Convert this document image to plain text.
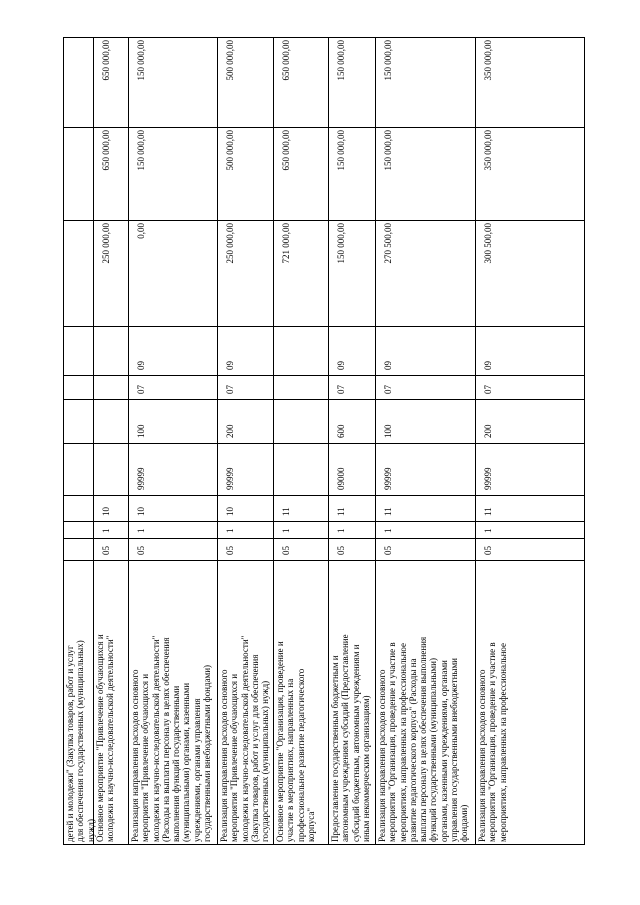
детей и молодежи" (Закупка товаров, работ и услуг
для обеспечения государственных (муниципальных)
нужд) Основное мероприятие "Привлечение обучающихся и
молодежи к научно-исследовательской деятельности"
05
1
10
250 000,00
650 000,00
650 000,00
Реализация направления расходов основного
мероприятия "Привлечение обучающихся и
молодежи к научно-исследовательской деятельности"
(Расходы на выплаты персоналу в целях обеспечения
выполнения функций государственными
(муниципальными) органами, казенными
учреждениями, органами управления
государственными внебюджетными фондами)
05
1
10
99999
100
07
09
0,00
150 000,00
150 000,00
Реализация направления расходов основного
мероприятия "Привлечение обучающихся и
молодежи к научно-исследовательской деятельности"
(Закупка товаров, работ и услуг для обеспечения
государственных (муниципальных) нужд)
05
1
10
99999
200
07
09
250 000,00
500 000,00
500 000,00
Основное мероприятие "Организация, проведение и
участие в мероприятиях, направленных на
профессиональное развитие педагогического
корпуса"
05
1
11
721 000,00
650 000,00
650 000,00
Предоставление государственным бюджетным и
автономным учреждениям субсидий (Предоставление
субсидий бюджетным, автономным учреждениям и
иным некоммерческим организациям)
05
1
11
09000
600
07
09
150 000,00
150 000,00
150 000,00
Реализация направления расходов основного
мероприятия "Организация, проведение и участие в
мероприятиях, направленных на профессиональное
развитие педагогического корпуса" (Расходы на
выплаты персоналу в целях обеспечения выполнения
функций государственными (муниципальными)
органами, казенными учреждениями, органами
управления государственными внебюджетными
фондами)
05
1
11
99999
100
07
09
270 500,00
150 000,00
150 000,00
Реализация направления расходов основного
мероприятия "Организация, проведение и участие в
мероприятиях, направленных на профессиональное
05
1
11
99999
200
07
09
300 500,00
350 000,00
350 000,00
